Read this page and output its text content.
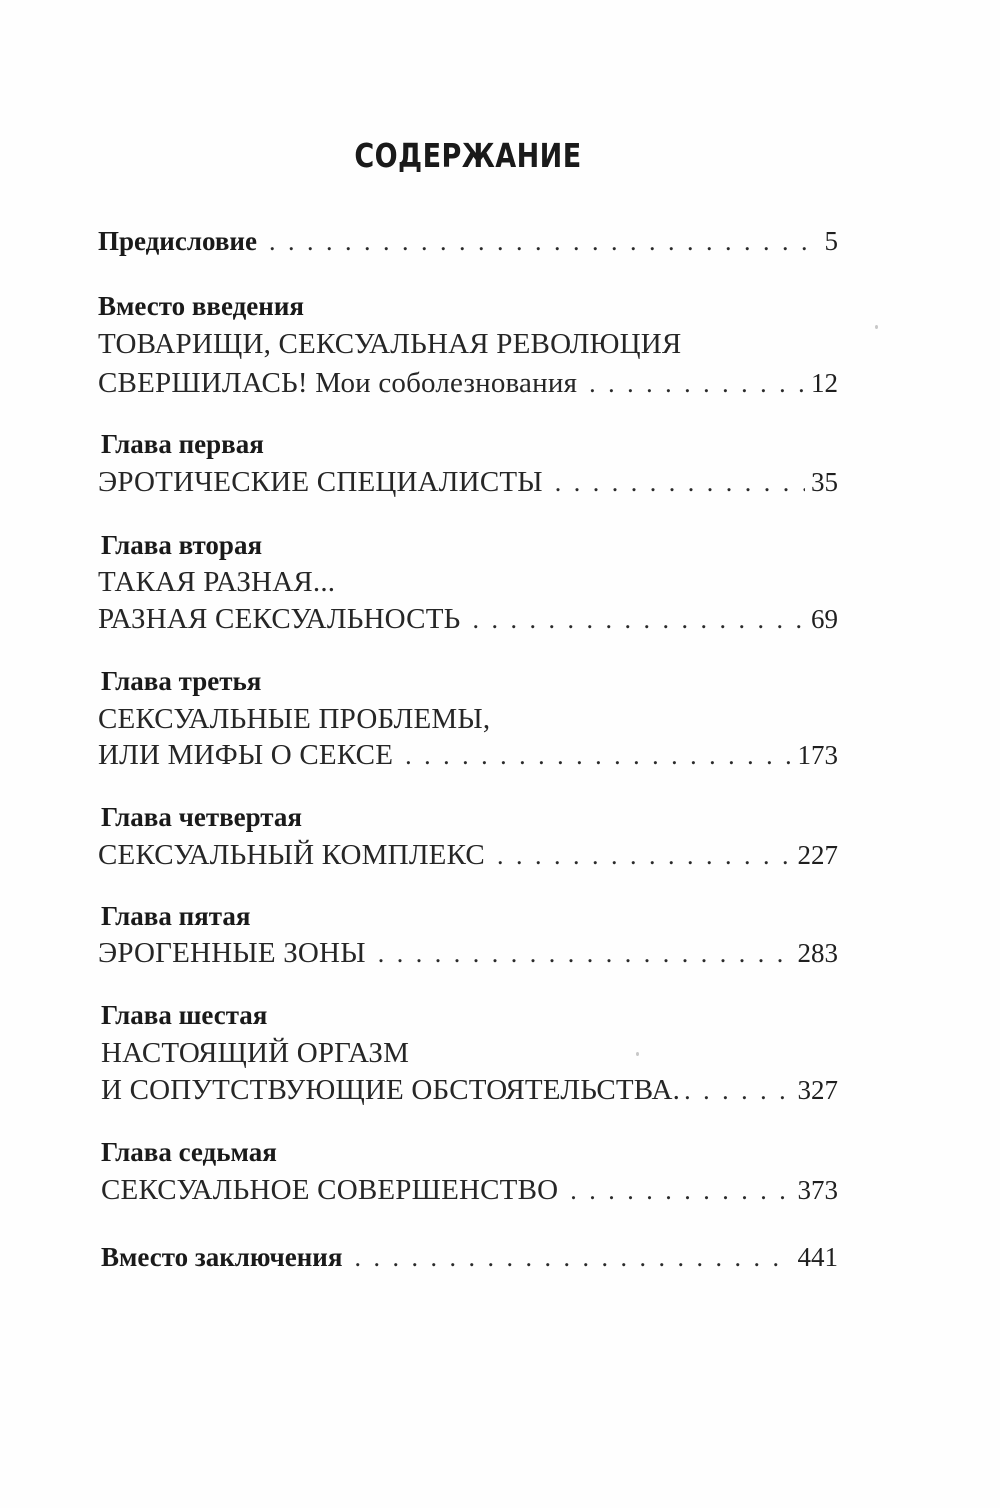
СОДЕРЖАНИЕ
Предисловие . . .	5
Вместо введения
ТОВАРИЩИ, СЕКСУАЛЬНАЯ РЕВОЛЮЦИЯ
СВЕРШИЛАСЬ! Мои соболезнования . . .	12
Глава первая
ЭРОТИЧЕСКИЕ СПЕЦИАЛИСТЫ . . .	35
Глава вторая
ТАКАЯ РАЗНАЯ...
РАЗНАЯ СЕКСУАЛЬНОСТЬ . . .	69
Глава третья
СЕКСУАЛЬНЫЕ ПРОБЛЕМЫ,
ИЛИ МИФЫ О СЕКСЕ . . .	173
Глава четвертая
СЕКСУАЛЬНЫЙ КОМПЛЕКС . . .	227
Глава пятая
ЭРОГЕННЫЕ ЗОНЫ . . .	283
Глава шестая
НАСТОЯЩИЙ ОРГАЗМ
И СОПУТСТВУЮЩИЕ ОБСТОЯТЕЛЬСТВА. . . .	327
Глава седьмая
СЕКСУАЛЬНОЕ СОВЕРШЕНСТВО . . .	373
Вместо заключения . . .	441
